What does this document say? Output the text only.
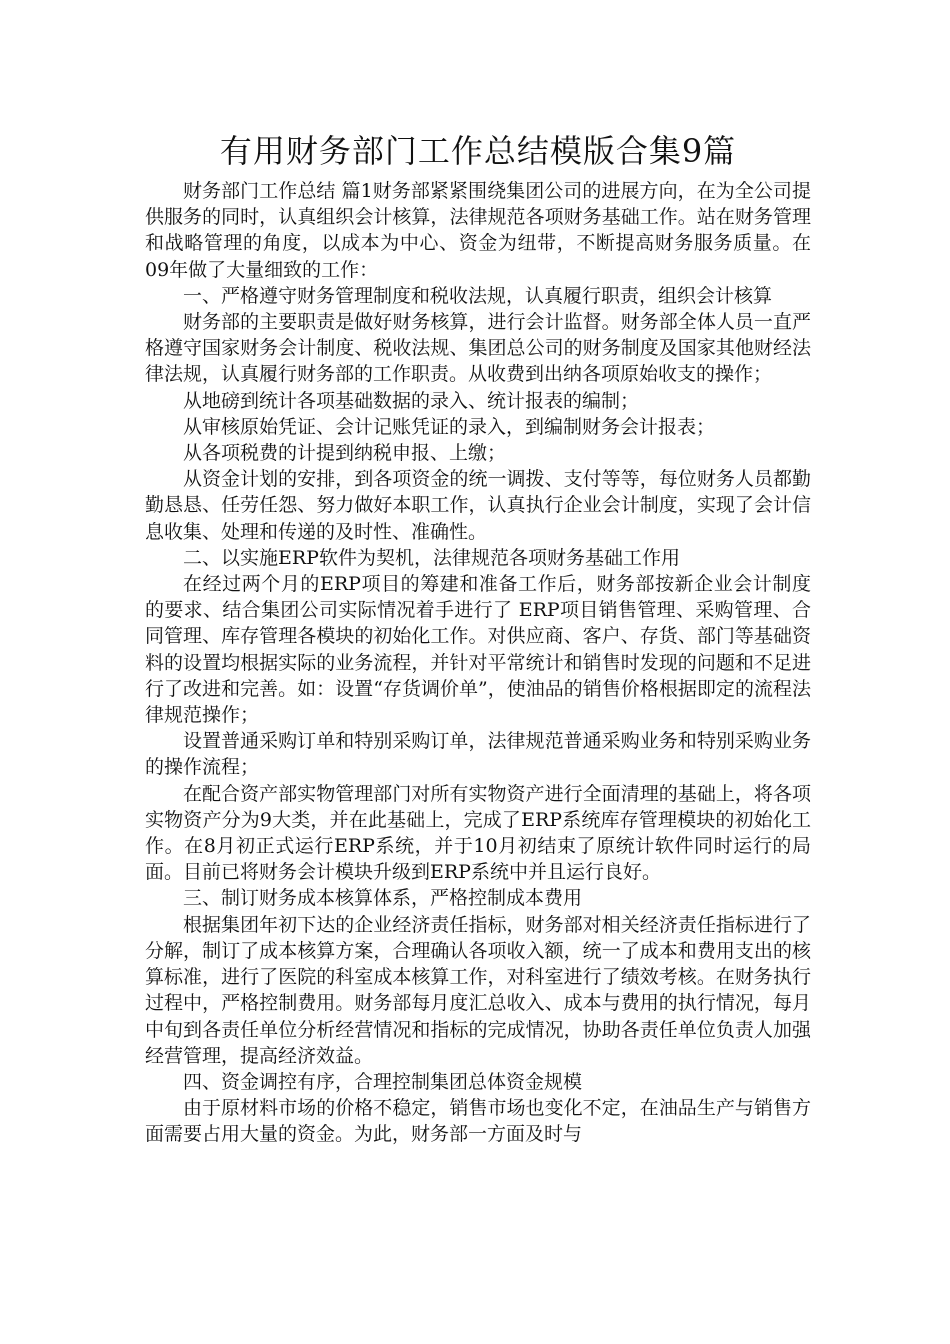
有用财务部门工作总结模版合集9篇

财务部门工作总结 篇1财务部紧紧围绕集团公司的进展方向，在为全公司提供服务的同时，认真组织会计核算，法律规范各项财务基础工作。站在财务管理和战略管理的角度，以成本为中心、资金为纽带，不断提高财务服务质量。在09年做了大量细致的工作：

一、严格遵守财务管理制度和税收法规，认真履行职责，组织会计核算

财务部的主要职责是做好财务核算，进行会计监督。财务部全体人员一直严格遵守国家财务会计制度、税收法规、集团总公司的财务制度及国家其他财经法律法规，认真履行财务部的工作职责。从收费到出纳各项原始收支的操作；

从地磅到统计各项基础数据的录入、统计报表的编制；

从审核原始凭证、会计记账凭证的录入，到编制财务会计报表；

从各项税费的计提到纳税申报、上缴；

从资金计划的安排，到各项资金的统一调拨、支付等等，每位财务人员都勤勤恳恳、任劳任怨、努力做好本职工作，认真执行企业会计制度，实现了会计信息收集、处理和传递的及时性、准确性。

二、以实施ERP软件为契机，法律规范各项财务基础工作用

在经过两个月的ERP项目的筹建和准备工作后，财务部按新企业会计制度的要求、结合集团公司实际情况着手进行了 ERP项目销售管理、采购管理、合同管理、库存管理各模块的初始化工作。对供应商、客户、存货、部门等基础资料的设置均根据实际的业务流程，并针对平常统计和销售时发现的问题和不足进行了改进和完善。如：设置“存货调价单”，使油品的销售价格根据即定的流程法律规范操作；

设置普通采购订单和特别采购订单，法律规范普通采购业务和特别采购业务的操作流程；

在配合资产部实物管理部门对所有实物资产进行全面清理的基础上，将各项实物资产分为9大类，并在此基础上，完成了ERP系统库存管理模块的初始化工作。在8月初正式运行ERP系统，并于10月初结束了原统计软件同时运行的局面。目前已将财务会计模块升级到ERP系统中并且运行良好。

三、制订财务成本核算体系，严格控制成本费用

根据集团年初下达的企业经济责任指标，财务部对相关经济责任指标进行了分解，制订了成本核算方案，合理确认各项收入额，统一了成本和费用支出的核算标准，进行了医院的科室成本核算工作，对科室进行了绩效考核。在财务执行过程中，严格控制费用。财务部每月度汇总收入、成本与费用的执行情况，每月中旬到各责任单位分析经营情况和指标的完成情况，协助各责任单位负责人加强经营管理，提高经济效益。

四、资金调控有序，合理控制集团总体资金规模

由于原材料市场的价格不稳定，销售市场也变化不定，在油品生产与销售方面需要占用大量的资金。为此，财务部一方面及时与
